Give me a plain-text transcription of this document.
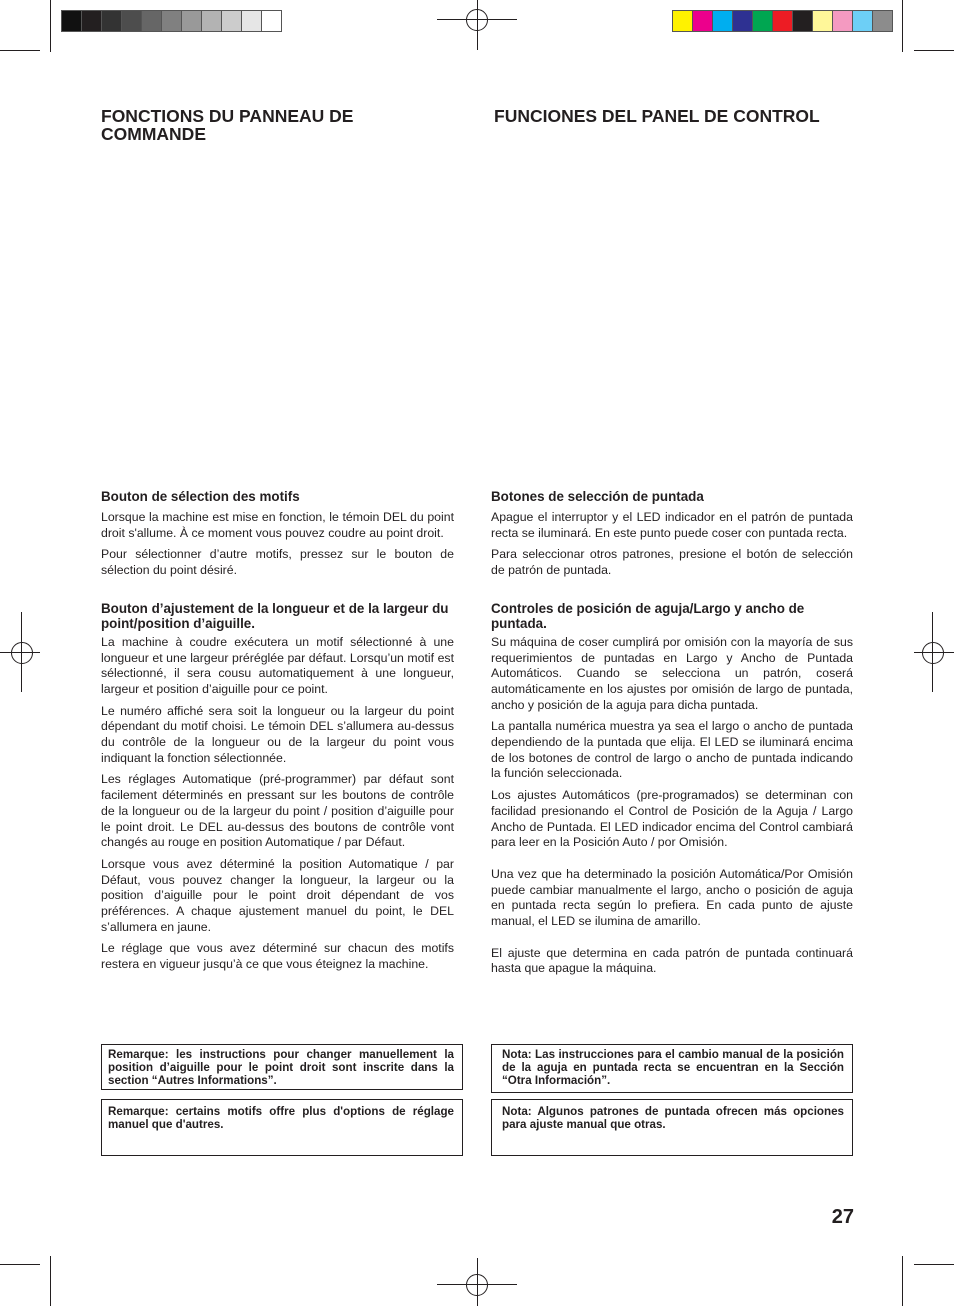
FONCTIONS DU PANNEAU DE
COMMANDE
FUNCIONES DEL PANEL DE CONTROL
Bouton de sélection des motifs

Lorsque la machine est mise en fonction, le témoin DEL du point droit s'allume. À ce moment vous pouvez coudre au point droit.

Pour sélectionner d’autre motifs, pressez sur le bouton de sélection du point désiré.

Bouton d’ajustement de la longueur et de la largeur du point/position d’aiguille.

La machine à coudre exécutera un motif sélectionné à une longueur et une largeur préréglée par défaut. Lorsqu’un motif est sélectionné, il sera cousu automatiquement à une longueur, largeur et position d’aiguille pour ce point.

Le numéro affiché sera soit la longueur ou la largeur du point dépendant du motif choisi. Le témoin DEL s’allumera au-dessus du contrôle de la longueur ou de la largeur du point vous indiquant la fonction sélectionnée.

Les réglages Automatique (pré-programmer) par défaut sont facilement déterminés en pressant sur les boutons de contrôle de la longueur ou de la largeur du point / position d’aiguille pour le point droit. Le DEL au-dessus des boutons de contrôle vont changés au rouge en position Automatique / par Défaut.

Lorsque vous avez déterminé la position Automatique / par Défaut, vous pouvez changer la longueur, la largeur ou la position d’aiguille pour le point droit dépendant de vos préférences. A chaque ajustement manuel du point, le DEL s’allumera en jaune.

Le réglage que vous avez déterminé sur chacun des motifs restera en vigueur jusqu’à ce que vous éteignez la machine.

Botones de selección de puntada

Apague el interruptor y el LED indicador en el patrón de puntada recta se iluminará. En este punto puede coser con puntada recta.

Para seleccionar otros patrones, presione el botón de selección de patrón de puntada.

Controles de posición de aguja/Largo y ancho de puntada.

Su máquina de coser cumplirá por omisión con la mayoría de sus requerimientos de puntadas en Largo y Ancho de Puntada Automáticos. Cuando se selecciona un patrón, coserá automáticamente en los ajustes por omisión de largo de puntada, ancho y posición de la aguja para dicha puntada.

La pantalla numérica muestra ya sea el largo o ancho de puntada dependiendo de la puntada que elija. El LED se iluminará encima de los botones de control de largo o ancho de puntada indicando la función seleccionada.

Los ajustes Automáticos (pre-programados) se determinan con facilidad presionando el Control de Posición de la Aguja / Largo Ancho de Puntada. El LED indicador encima del Control cambiará para leer en la Posición Auto / por Omisión.

Una vez que ha determinado la posición Automática/Por Omisión puede cambiar manualmente el largo, ancho o posición de aguja en puntada recta según lo prefiera. En cada punto de ajuste manual, el LED se ilumina de amarillo.

El ajuste que determina en cada patrón de puntada continuará hasta que apague la máquina.

Remarque: les instructions pour changer manuellement la position d’aiguille pour le point droit sont inscrite dans la section “Autres Informations”.
Remarque: certains motifs offre plus d'options de réglage manuel que d'autres.
Nota: Las instrucciones para el cambio manual de la posición de la aguja en puntada recta se encuentran en la Sección “Otra Información”.
Nota: Algunos patrones de puntada ofrecen más opciones para ajuste manual que otras.
27
